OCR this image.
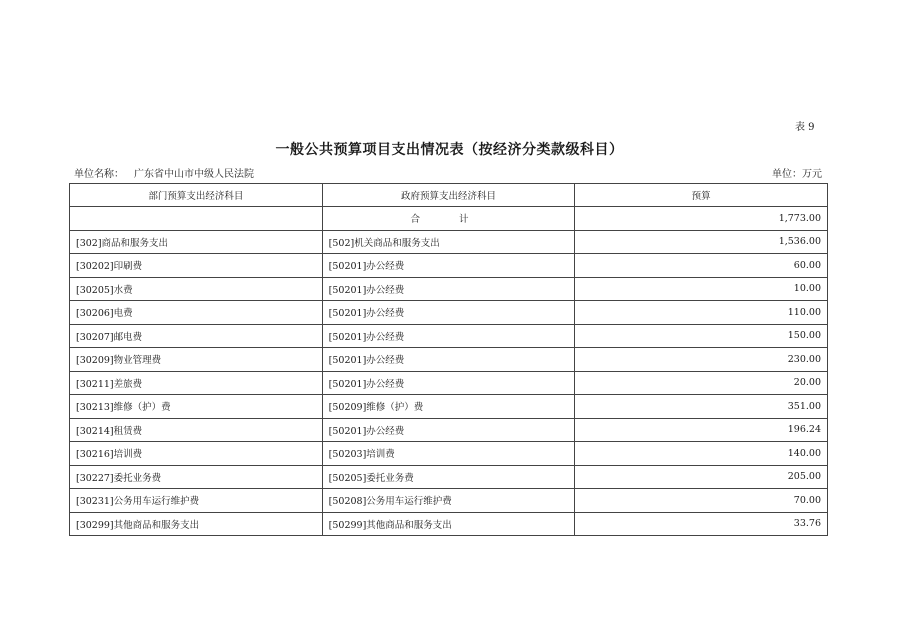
表 9
一般公共预算项目支出情况表（按经济分类款级科目）
单位名称： 广东省中山市中级人民法院	单位：万元
部门预算支出经济科目	政府预算支出经济科目	预算
	合 计	1,773.00
[302]商品和服务支出	[502]机关商品和服务支出	1,536.00
[30202]印刷费	[50201]办公经费	60.00
[30205]水费	[50201]办公经费	10.00
[30206]电费	[50201]办公经费	110.00
[30207]邮电费	[50201]办公经费	150.00
[30209]物业管理费	[50201]办公经费	230.00
[30211]差旅费	[50201]办公经费	20.00
[30213]维修（护）费	[50209]维修（护）费	351.00
[30214]租赁费	[50201]办公经费	196.24
[30216]培训费	[50203]培训费	140.00
[30227]委托业务费	[50205]委托业务费	205.00
[30231]公务用车运行维护费	[50208]公务用车运行维护费	70.00
[30299]其他商品和服务支出	[50299]其他商品和服务支出	33.76
